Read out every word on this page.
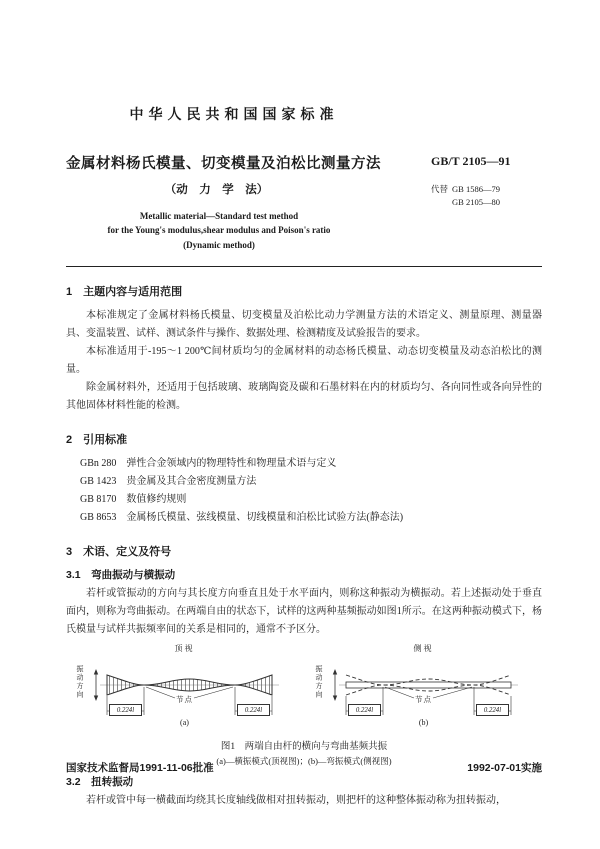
中华人民共和国国家标准
金属材料杨氏模量、切变模量及泊松比测量方法
（动　力　学　法）
Metallic material—Standard test method
for the Young's modulus,shear modulus and Poison's ratio
(Dynamic method)
GB/T 2105—91
代替 GB 1586—79
GB 2105—80
1　主题内容与适用范围

本标准规定了金属材料杨氏模量、切变模量及泊松比动力学测量方法的术语定义、测量原理、测量器具、变温装置、试样、测试条件与操作、数据处理、检测精度及试验报告的要求。

本标准适用于-195～1 200℃间材质均匀的金属材料的动态杨氏模量、动态切变模量及动态泊松比的测量。

除金属材料外，还适用于包括玻璃、玻璃陶瓷及碳和石墨材料在内的材质均匀、各向同性或各向异性的其他固体材料性能的检测。

2　引用标准

GBn 280　弹性合金领域内的物理特性和物理量术语与定义

GB 1423　贵金属及其合金密度测量方法

GB 8170　数值修约规则

GB 8653　金属杨氏模量、弦线模量、切线模量和泊松比试验方法(静态法)

3　术语、定义及符号
3.1　弯曲振动与横振动

若杆或管振动的方向与其长度方向垂直且处于水平面内，则称这种振动为横振动。若上述振动处于垂直面内，则称为弯曲振动。在两端自由的状态下，试样的这两种基频振动如图1所示。在这两种振动模式下，杨氏模量与试样共振频率间的关系是相同的，通常不予区分。

顶视
振动方向
节点
0.224l	0.224l
(a)
侧视
振动方向
节点
0.224l	0.224l
(b)
图1　两端自由杆的横向与弯曲基频共振
(a)—横振模式(顶视图)；(b)—弯振模式(侧视图)
3.2　扭转振动

若杆或管中每一横截面均绕其长度轴线做相对扭转振动，则把杆的这种整体振动称为扭转振动，

国家技术监督局1991-11-06批准	1992-07-01实施
